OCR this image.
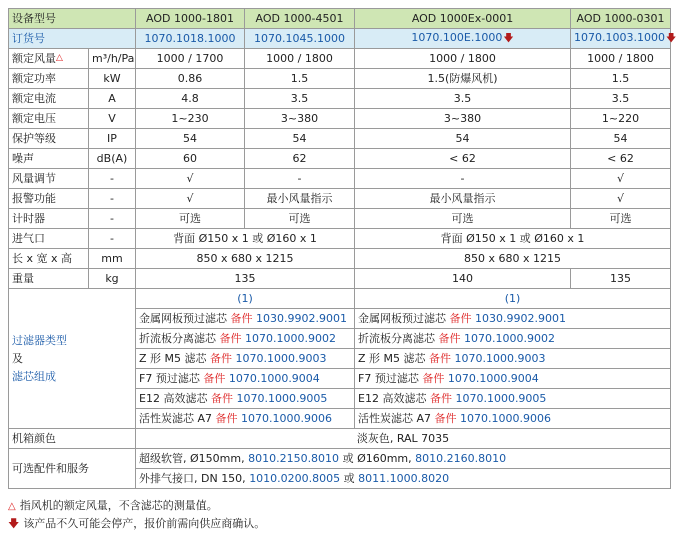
设备型号		AOD 1000-1801	AOD 1000-4501	AOD 1000Ex-0001	AOD 1000-0301
订货号		1070.1018.1000	1070.1045.1000	1070.100E.1000🡇	1070.1003.1000🡇
额定风量△	m³/h/Pa	1000 / 1700	1000 / 1800	1000 / 1800	1000 / 1800
额定功率	kW	0.86	1.5	1.5(防爆风机)	1.5
额定电流	A	4.8	3.5	3.5	3.5
额定电压	V	1~230	3~380	3~380	1~220
保护等级	IP	54	54	54	54
噪声	dB(A)	60	62	< 62	< 62
风量调节	-	√	-	-	√
报警功能	-	√	最小风量指示	最小风量指示	√
计时器	-	可选	可选	可选	可选
进气口	-	背面 Ø150 x 1 或 Ø160 x 1		背面 Ø150 x 1 或 Ø160 x 1	
长 x 宽 x 高	mm	850 x 680 x 1215		850 x 680 x 1215	
重量	kg	135		140	135

过滤器类型
及
滤芯组成		(1)		(1)	
		金属网板预过滤芯 备件 1030.9902.9001		金属网板预过滤芯 备件 1030.9902.9001	
		折流板分离滤芯 备件 1070.1000.9002		折流板分离滤芯 备件 1070.1000.9002	
		Z 形 M5 滤芯 备件 1070.1000.9003		Z 形 M5 滤芯 备件 1070.1000.9003	
		F7 预过滤芯 备件 1070.1000.9004		F7 预过滤芯 备件 1070.1000.9004	
		E12 高效滤芯 备件 1070.1000.9005		E12 高效滤芯 备件 1070.1000.9005	
		活性炭滤芯 A7 备件 1070.1000.9006		活性炭滤芯 A7 备件 1070.1000.9006	
机箱颜色		淡灰色, RAL 7035			
可选配件和服务		超级软管, Ø150mm, 8010.2150.8010 或 Ø160mm, 8010.2160.8010			
		外排气接口, DN 150, 1010.0200.8005 或 8011.1000.8020			
△ 指风机的额定风量，不含滤芯的测量值。
🡇 该产品不久可能会停产，报价前需向供应商确认。
